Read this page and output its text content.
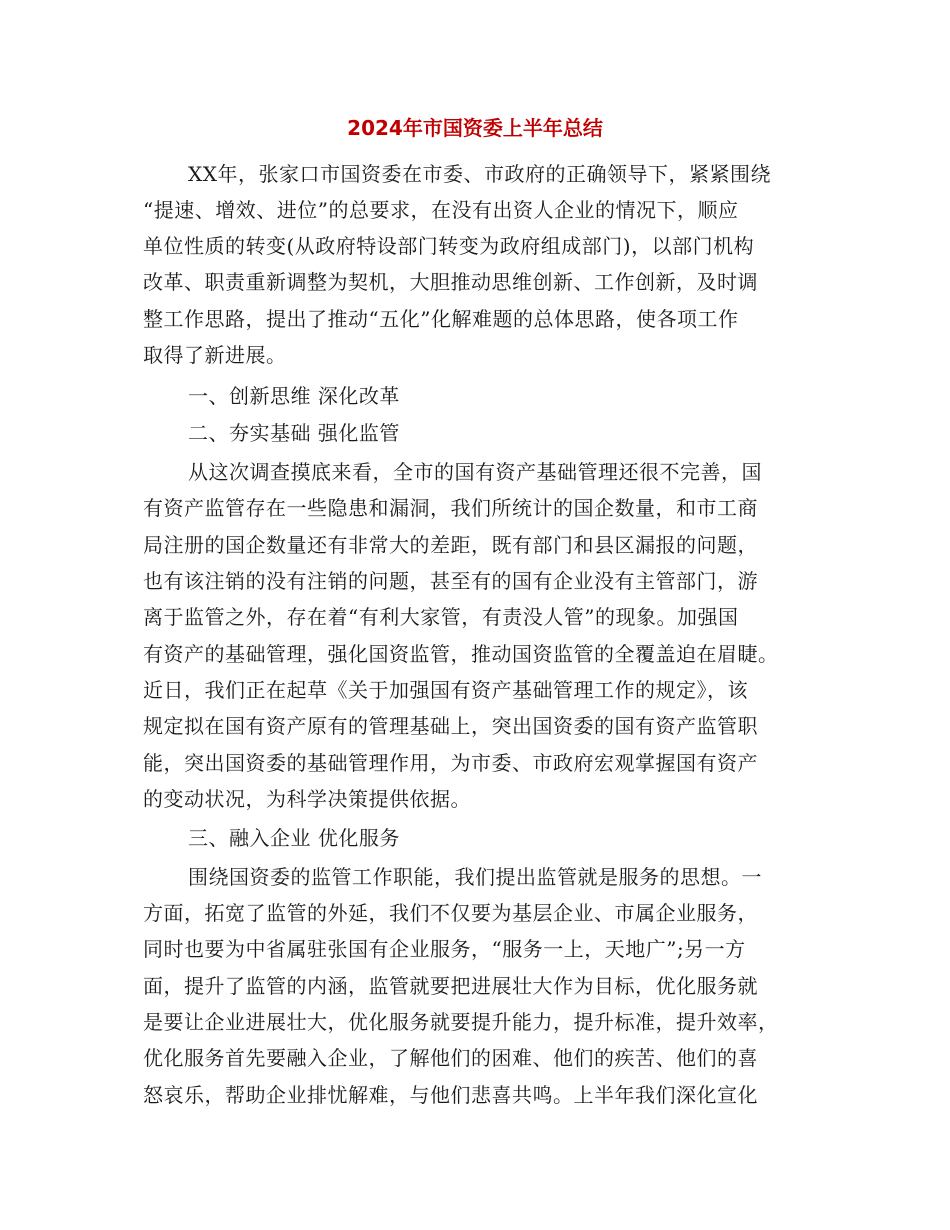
2024年市国资委上半年总结

XX年，张家口市国资委在市委、市政府的正确领导下，紧紧围绕

“提速、增效、进位”的总要求，在没有出资人企业的情况下，顺应

单位性质的转变(从政府特设部门转变为政府组成部门)，以部门机构

改革、职责重新调整为契机，大胆推动思维创新、工作创新，及时调

整工作思路，提出了推动“五化”化解难题的总体思路，使各项工作

取得了新进展。

一、创新思维 深化改革

二、夯实基础 强化监管

从这次调查摸底来看，全市的国有资产基础管理还很不完善，国

有资产监管存在一些隐患和漏洞，我们所统计的国企数量，和市工商

局注册的国企数量还有非常大的差距，既有部门和县区漏报的问题，

也有该注销的没有注销的问题，甚至有的国有企业没有主管部门，游

离于监管之外，存在着“有利大家管，有责没人管”的现象。加强国

有资产的基础管理，强化国资监管，推动国资监管的全覆盖迫在眉睫。

近日，我们正在起草《关于加强国有资产基础管理工作的规定》，该

规定拟在国有资产原有的管理基础上，突出国资委的国有资产监管职

能，突出国资委的基础管理作用，为市委、市政府宏观掌握国有资产

的变动状况，为科学决策提供依据。

三、融入企业 优化服务

围绕国资委的监管工作职能，我们提出监管就是服务的思想。一

方面，拓宽了监管的外延，我们不仅要为基层企业、市属企业服务，

同时也要为中省属驻张国有企业服务，“服务一上，天地广”;另一方

面，提升了监管的内涵，监管就要把进展壮大作为目标，优化服务就

是要让企业进展壮大，优化服务就要提升能力，提升标准，提升效率，

优化服务首先要融入企业，了解他们的困难、他们的疾苦、他们的喜

怒哀乐，帮助企业排忧解难，与他们悲喜共鸣。上半年我们深化宣化
